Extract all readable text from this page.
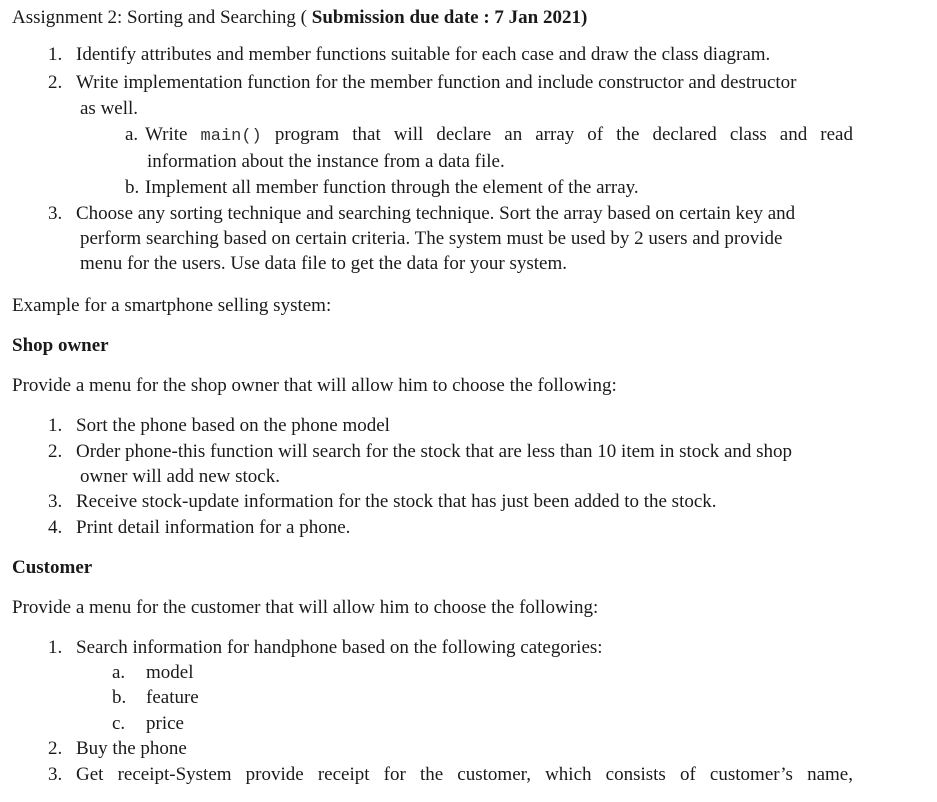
Assignment 2: Sorting and Searching ( Submission due date : 7 Jan 2021)
1. Identify attributes and member functions suitable for each case and draw the class diagram.
2. Write implementation function for the member function and include constructor and destructor
as well.
a. Write main() program that will declare an array of the declared class and read
information about the instance from a data file.
b. Implement all member function through the element of the array.
3. Choose any sorting technique and searching technique. Sort the array based on certain key and
perform searching based on certain criteria. The system must be used by 2 users and provide
menu for the users. Use data file to get the data for your system.
Example for a smartphone selling system:
Shop owner
Provide a menu for the shop owner that will allow him to choose the following:
1. Sort the phone based on the phone model
2. Order phone-this function will search for the stock that are less than 10 item in stock and shop
owner will add new stock.
3. Receive stock-update information for the stock that has just been added to the stock.
4. Print detail information for a phone.
Customer
Provide a menu for the customer that will allow him to choose the following:
1. Search information for handphone based on the following categories:
a. model
b. feature
c. price
2. Buy the phone
3. Get receipt-System provide receipt for the customer, which consists of customer’s name,
